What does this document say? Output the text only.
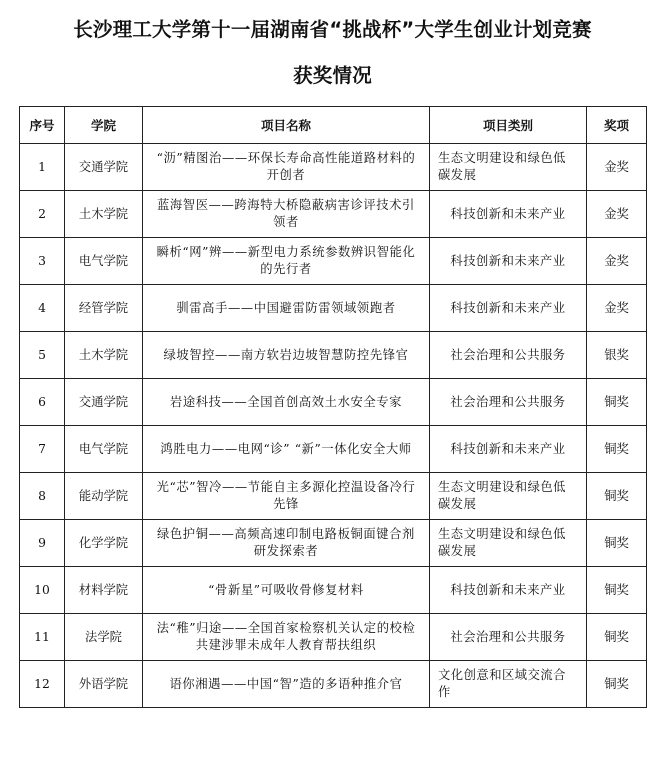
长沙理工大学第十一届湖南省“挑战杯”大学生创业计划竞赛
获奖情况
序号	学院	项目名称	项目类别	奖项
1	交通学院	“沥”精图治——环保长寿命高性能道路材料的开创者	生态文明建设和绿色低碳发展	金奖
2	土木学院	蓝海智医——跨海特大桥隐蔽病害诊评技术引领者	科技创新和未来产业	金奖
3	电气学院	瞬析“网”辨——新型电力系统参数辨识智能化的先行者	科技创新和未来产业	金奖
4	经管学院	驯雷高手——中国避雷防雷领域领跑者	科技创新和未来产业	金奖
5	土木学院	绿坡智控——南方软岩边坡智慧防控先锋官	社会治理和公共服务	银奖
6	交通学院	岩途科技——全国首创高效土水安全专家	社会治理和公共服务	铜奖
7	电气学院	鸿胜电力——电网“诊” “新”一体化安全大师	科技创新和未来产业	铜奖
8	能动学院	光“芯”智冷——节能自主多源化控温设备冷行先锋	生态文明建设和绿色低碳发展	铜奖
9	化学学院	绿色护铜——高频高速印制电路板铜面键合剂研发探索者	生态文明建设和绿色低碳发展	铜奖
10	材料学院	“骨新星”可吸收骨修复材料	科技创新和未来产业	铜奖
11	法学院	法“稚”归途——全国首家检察机关认定的校检共建涉罪未成年人教育帮扶组织	社会治理和公共服务	铜奖
12	外语学院	语你湘遇——中国“智”造的多语种推介官	文化创意和区域交流合作	铜奖
